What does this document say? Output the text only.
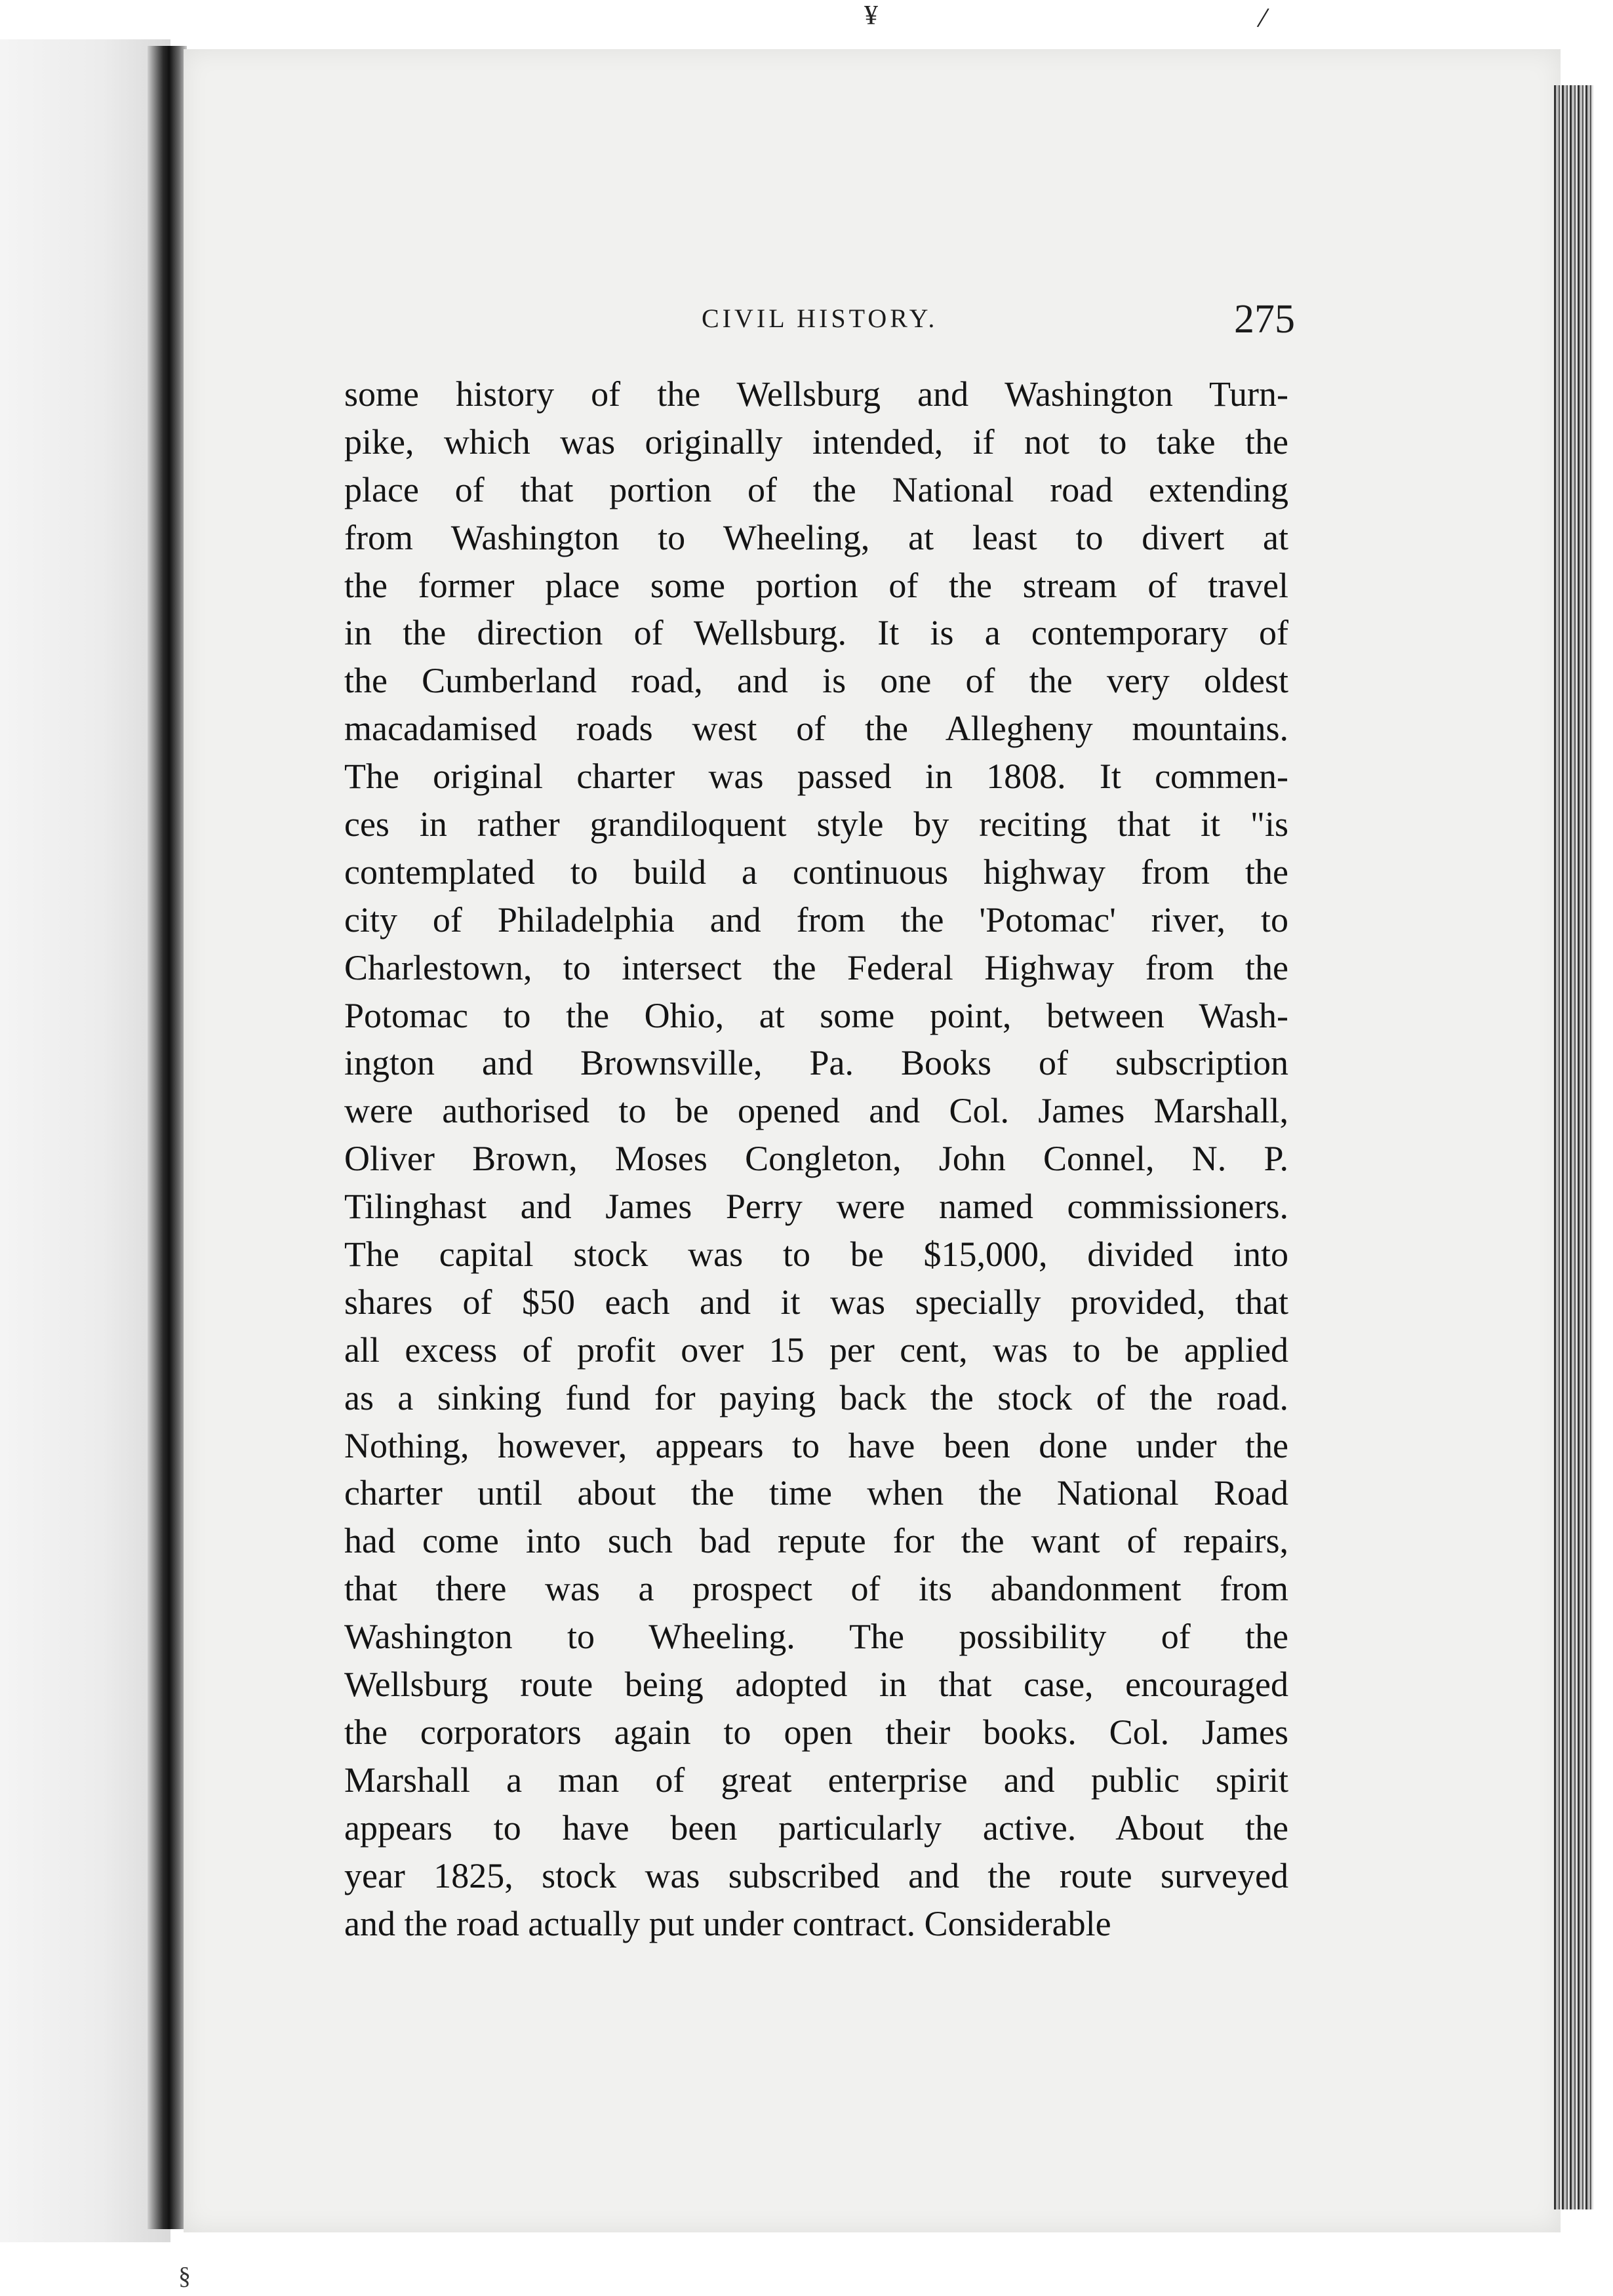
¥	/
§
CIVIL HISTORY.	275
some history of the Wellsburg and Washington Turn-
pike, which was originally intended, if not to take the
place of that portion of the National road extending
from Washington to Wheeling, at least to divert at
the former place some portion of the stream of travel
in the direction of Wellsburg. It is a contemporary of
the Cumberland road, and is one of the very oldest
macadamised roads west of the Allegheny mountains.
The original charter was passed in 1808. It commen-
ces in rather grandiloquent style by reciting that it "is
contemplated to build a continuous highway from the
city of Philadelphia and from the 'Potomac' river, to
Charlestown, to intersect the Federal Highway from the
Potomac to the Ohio, at some point, between Wash-
ington and Brownsville, Pa. Books of subscription
were authorised to be opened and Col. James Marshall,
Oliver Brown, Moses Congleton, John Connel, N. P.
Tilinghast and James Perry were named commissioners.
The capital stock was to be $15,000, divided into
shares of $50 each and it was specially provided, that
all excess of profit over 15 per cent, was to be applied
as a sinking fund for paying back the stock of the road.
Nothing, however, appears to have been done under the
charter until about the time when the National Road
had come into such bad repute for the want of repairs,
that there was a prospect of its abandonment from
Washington to Wheeling. The possibility of the
Wellsburg route being adopted in that case, encouraged
the corporators again to open their books. Col. James
Marshall a man of great enterprise and public spirit
appears to have been particularly active. About the
year 1825, stock was subscribed and the route surveyed
and the road actually put under contract. Considerable
